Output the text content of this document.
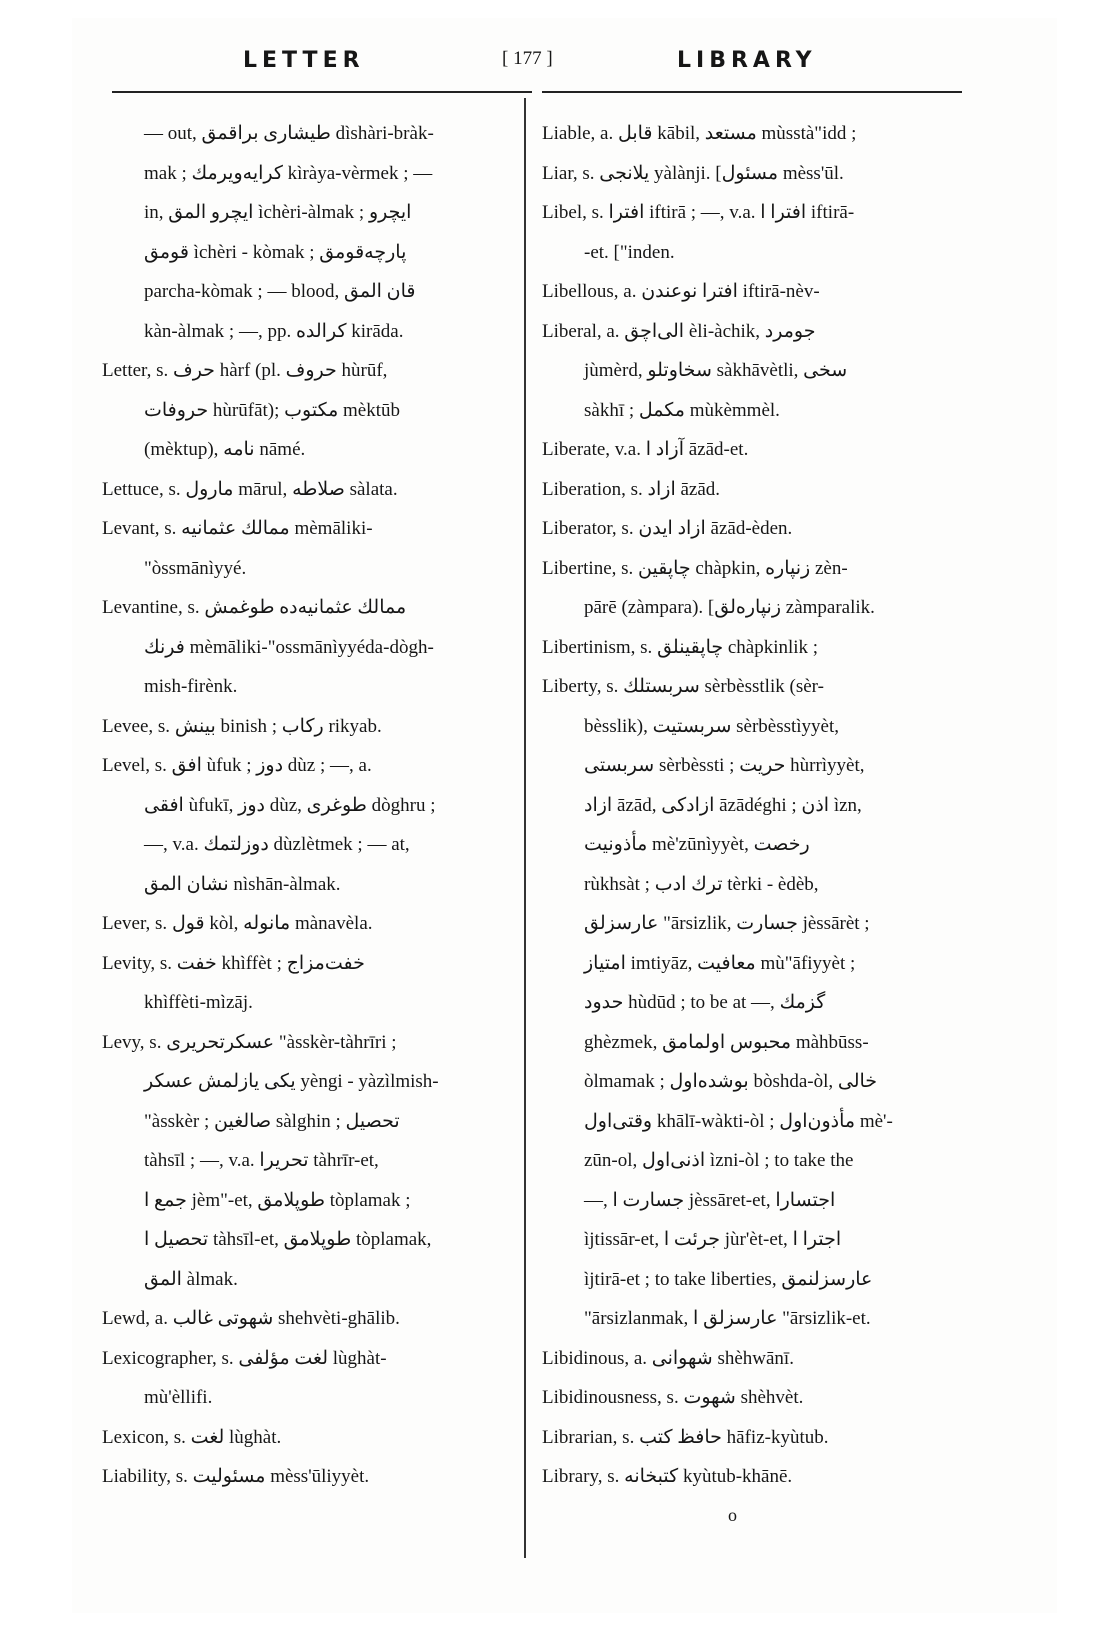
LETTER	[ 177 ]	LIBRARY
— out, طیشاری براقمق dìshàri-bràk-
mak ; کرایه‌ویرمك kìràya-vèrmek ; —
in, ایچرو المق ìchèri-àlmak ; ایچرو
قومق ìchèri - kòmak ; پارچه‌قومق
parcha-kòmak ; — blood, قان المق
kàn-àlmak ; —, pp. کرالده kirāda.
Letter, s. حرف hàrf (pl. حروف hùrūf,
حروفات hùrūfāt); مکتوب mèktūb
(mèktup), نامه nāmé.
Lettuce, s. مارول mārul, صلاطه sàlata.
Levant, s. ممالك عثمانیه mèmāliki-
"òssmānìyyé.
Levantine, s. ممالك عثمانیه‌ده طوغمش
فرنك mèmāliki-"ossmānìyyéda-dògh-
mish-firènk.
Levee, s. بینش binish ; رکاب rikyab.
Level, s. افق ùfuk ; دوز dùz ; —, a.
افقی ùfukī, دوز dùz, طوغری dòghru ;
—, v.a. دوزلتمك dùzlètmek ; — at,
نشان المق nìshān-àlmak.
Lever, s. قول kòl, مانوله mànavèla.
Levity, s. خفت khìffèt ; خفت‌مزاج
khìffèti-mìzāj.
Levy, s. عسکرتحریری "àsskèr-tàhrīri ;
یکی یازلمش عسکر yèngi - yàzìlmish-
"àsskèr ; صالغین sàlghin ; تحصیل
tàhsīl ; —, v.a. تحریرا tàhrīr-et,
جمع ا jèm"-et, طوپلامق tòplamak ;
تحصیل ا tàhsīl-et, طوپلامق tòplamak,
المق àlmak.
Lewd, a. شهوتی غالب shehvèti-ghālib.
Lexicographer, s. لغت مؤلفی lùghàt-
mù'èllifi.
Lexicon, s. لغت lùghàt.
Liability, s. مسئولیت mèss'ūliyyèt.
Liable, a. قابل kābil, مستعد mùsstà"idd ;
Liar, s. یلانجی yàlànji. [مسئول mèss'ūl.
Libel, s. افترا iftirā ; —, v.a. افترا ا iftirā-
-et. ["inden.
Libellous, a. افترا نوعندن iftirā-nèv-
Liberal, a. الی‌اچق èli-àchik, جومرد
jùmèrd, سخاوتلو sàkhāvètli, سخی
sàkhī ; مکمل mùkèmmèl.
Liberate, v.a. آزاد ا āzād-et.
Liberation, s. ازاد āzād.
Liberator, s. ازاد ایدن āzād-èden.
Libertine, s. چاپقین chàpkin, زنپاره zèn-
pārē (zàmpara). [زنپاره‌لق zàmparalik.
Libertinism, s. چاپقینلق chàpkinlik ;
Liberty, s. سربستلك sèrbèsstlik (sèr-
bèsslik), سربستیت sèrbèsstìyyèt,
سربستی sèrbèssti ; حریت hùrrìyyèt,
ازاد āzād, ازادکی āzādéghi ; اذن ìzn,
مأذونیت mè'zūnìyyèt, رخصت
rùkhsàt ; ترك ادب tèrki - èdèb,
عارسزلق "ārsizlik, جسارت jèssārèt ;
امتیاز imtiyāz, معافیت mù"āfiyyèt ;
حدود hùdūd ; to be at —, گزمك
ghèzmek, محبوس اولمامق màhbūss-
òlmamak ; بوشده‌اول bòshda-òl, خالی
وقتی‌اول khālī-wàkti-òl ; مأذون‌اول mè'-
zūn-ol, اذنی‌اول ìzni-òl ; to take the
—, جسارت ا jèssāret-et, اجتسارا
ìjtissār-et, جرئت ا jùr'èt-et, اجترا ا
ìjtirā-et ; to take liberties, عارسزلنمق
"ārsizlanmak, عارسزلق ا "ārsizlik-et.
Libidinous, a. شهوانی shèhwānī.
Libidinousness, s. شهوت shèhvèt.
Librarian, s. حافظ کتب hāfiz-kyùtub.
Library, s. کتبخانه kyùtub-khānē.
o
